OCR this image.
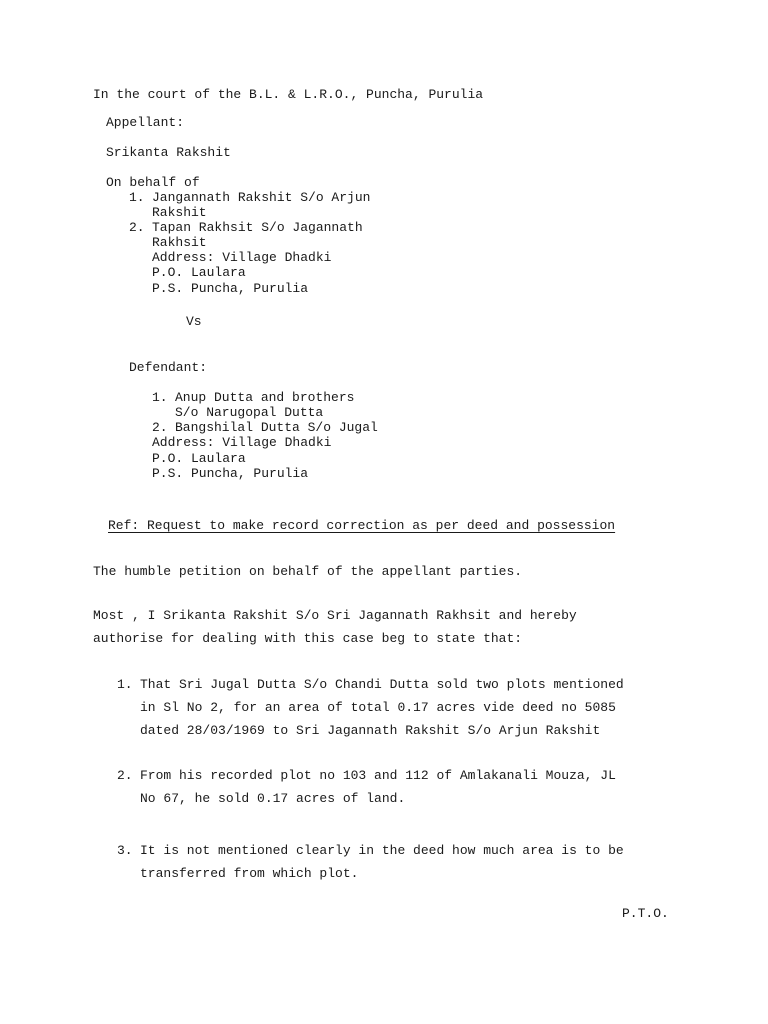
In the court of the B.L. & L.R.O., Puncha, Purulia
Appellant:
Srikanta Rakshit
On behalf of
1. Jangannath Rakshit S/o Arjun
Rakshit
2. Tapan Rakhsit S/o Jagannath
Rakhsit
Address: Village Dhadki
P.O. Laulara
P.S. Puncha, Purulia
Vs
Defendant:
1. Anup Dutta and brothers
S/o Narugopal Dutta
2. Bangshilal Dutta S/o Jugal
Address: Village Dhadki
P.O. Laulara
P.S. Puncha, Purulia
Ref: Request to make record correction as per deed and possession
The humble petition on behalf of the appellant parties.
Most , I Srikanta Rakshit S/o Sri Jagannath Rakhsit and hereby
authorise for dealing with this case beg to state that:
1. That Sri Jugal Dutta S/o Chandi Dutta sold two plots mentioned
in Sl No 2, for an area of total 0.17 acres vide deed no 5085
dated 28/03/1969 to Sri Jagannath Rakshit S/o Arjun Rakshit
2. From his recorded plot no 103 and 112 of Amlakanali Mouza, JL
No 67, he sold 0.17 acres of land.
3. It is not mentioned clearly in the deed how much area is to be
transferred from which plot.
P.T.O.
